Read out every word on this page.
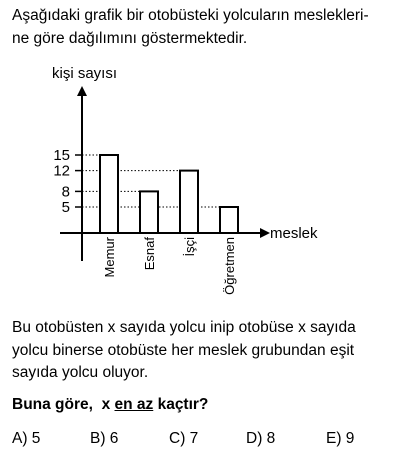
Aşağıdaki grafik bir otobüsteki yolcuların meslekleri-
ne göre dağılımını göstermektedir.

5
8
12
15
Memur Esnaf İşçi Öğretmen
kişi sayısı
meslek

Bu otobüsten x sayıda yolcu inip otobüse x sayıda
yolcu binerse otobüste her meslek grubundan eşit
sayıda yolcu oluyor.

Buna göre,  x en az kaçtır?

A) 5	B) 6	C) 7	D) 8	E) 9
